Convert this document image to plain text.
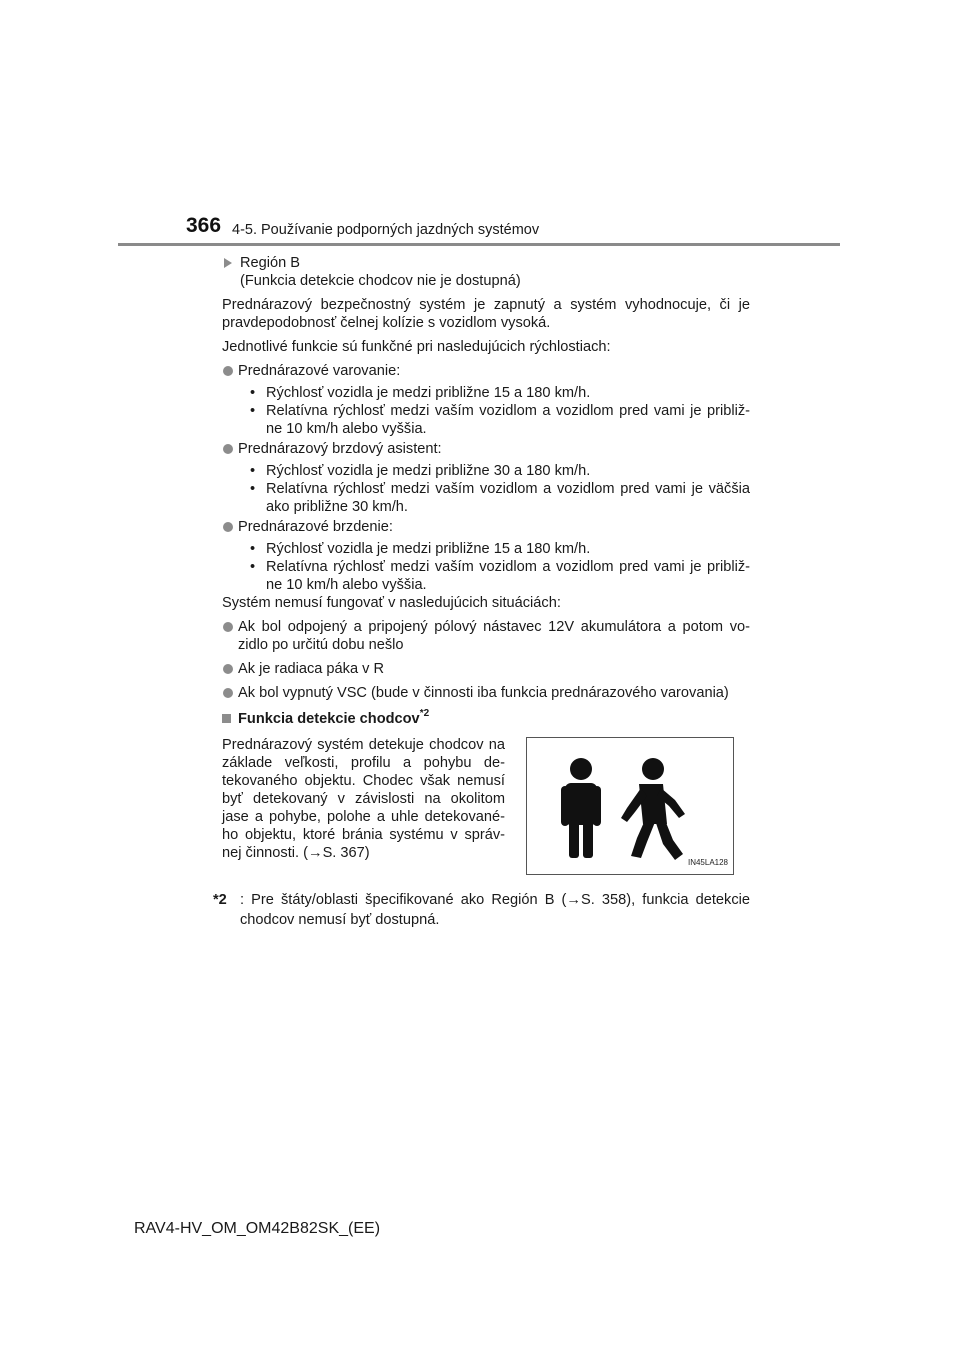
366 4-5. Používanie podporných jazdných systémov

Región B

(Funkcia detekcie chodcov nie je dostupná)

Prednárazový bezpečnostný systém je zapnutý a systém vyhodnocuje, či je pravdepodobnosť čelnej kolízie s vozidlom vysoká.

Jednotlivé funkcie sú funkčné pri nasledujúcich rýchlostiach:

Prednárazové varovanie:
• Rýchlosť vozidla je medzi približne 15 a 180 km/h.
• Relatívna rýchlosť medzi vaším vozidlom a vozidlom pred vami je približ-ne 10 km/h alebo vyššia.
Prednárazový brzdový asistent:
• Rýchlosť vozidla je medzi približne 30 a 180 km/h.
• Relatívna rýchlosť medzi vaším vozidlom a vozidlom pred vami je väčšia ako približne 30 km/h.
Prednárazové brzdenie:
• Rýchlosť vozidla je medzi približne 15 a 180 km/h.
• Relatívna rýchlosť medzi vaším vozidlom a vozidlom pred vami je približ-ne 10 km/h alebo vyššia.

Systém nemusí fungovať v nasledujúcich situáciách:

Ak bol odpojený a pripojený pólový nástavec 12V akumulátora a potom vo-zidlo po určitú dobu nešlo
Ak je radiaca páka v R
Ak bol vypnutý VSC (bude v činnosti iba funkcia prednárazového varovania)
Funkcia detekcie chodcov$^{*2}$

Prednárazový systém detekuje chodcov na základe veľkosti, profilu a pohybu de-tekovaného objektu. Chodec však nemusí byť detekovaný v závislosti na okolitom jase a pohybe, polohe a uhle detekované-ho objektu, ktoré bránia systému v správ-nej činnosti. (→S. 367)

IN45LA128
*2 : Pre štáty/oblasti špecifikované ako Región B (→S. 358), funkcia detekcie chodcov nemusí byť dostupná.
RAV4-HV_OM_OM42B82SK_(EE)
